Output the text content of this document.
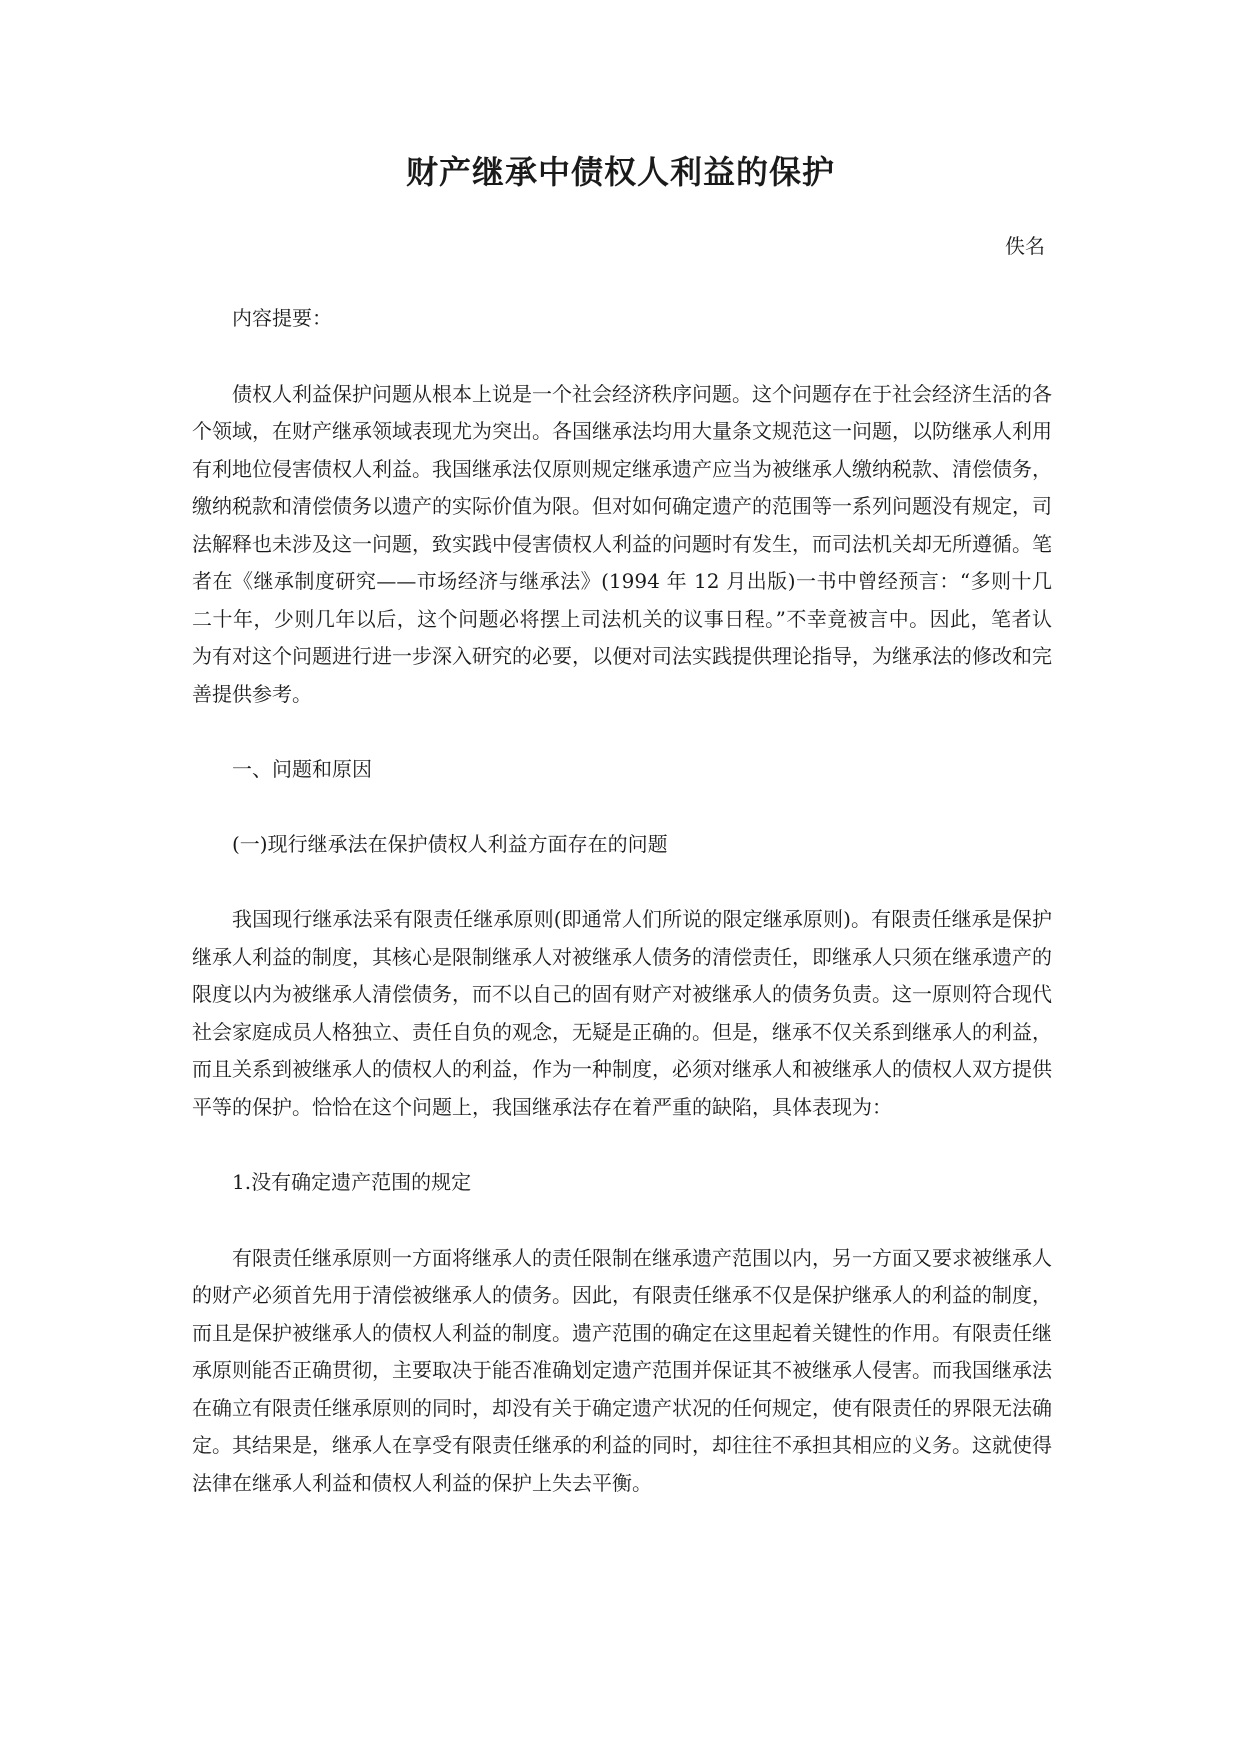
财产继承中债权人利益的保护
佚名

内容提要：

债权人利益保护问题从根本上说是一个社会经济秩序问题。这个问题存在于社会经济生活的各个领域，在财产继承领域表现尤为突出。各国继承法均用大量条文规范这一问题，以防继承人利用有利地位侵害债权人利益。我国继承法仅原则规定继承遗产应当为被继承人缴纳税款、清偿债务，缴纳税款和清偿债务以遗产的实际价值为限。但对如何确定遗产的范围等一系列问题没有规定，司法解释也未涉及这一问题，致实践中侵害债权人利益的问题时有发生，而司法机关却无所遵循。笔者在《继承制度研究——市场经济与继承法》(1994 年 12 月出版)一书中曾经预言：“多则十几二十年，少则几年以后，这个问题必将摆上司法机关的议事日程。”不幸竟被言中。因此，笔者认为有对这个问题进行进一步深入研究的必要，以便对司法实践提供理论指导，为继承法的修改和完善提供参考。

一、问题和原因

(一)现行继承法在保护债权人利益方面存在的问题

我国现行继承法采有限责任继承原则(即通常人们所说的限定继承原则)。有限责任继承是保护继承人利益的制度，其核心是限制继承人对被继承人债务的清偿责任，即继承人只须在继承遗产的限度以内为被继承人清偿债务，而不以自己的固有财产对被继承人的债务负责。这一原则符合现代社会家庭成员人格独立、责任自负的观念，无疑是正确的。但是，继承不仅关系到继承人的利益，而且关系到被继承人的债权人的利益，作为一种制度，必须对继承人和被继承人的债权人双方提供平等的保护。恰恰在这个问题上，我国继承法存在着严重的缺陷，具体表现为：

1.没有确定遗产范围的规定

有限责任继承原则一方面将继承人的责任限制在继承遗产范围以内，另一方面又要求被继承人的财产必须首先用于清偿被继承人的债务。因此，有限责任继承不仅是保护继承人的利益的制度，而且是保护被继承人的债权人利益的制度。遗产范围的确定在这里起着关键性的作用。有限责任继承原则能否正确贯彻，主要取决于能否准确划定遗产范围并保证其不被继承人侵害。而我国继承法在确立有限责任继承原则的同时，却没有关于确定遗产状况的任何规定，使有限责任的界限无法确定。其结果是，继承人在享受有限责任继承的利益的同时，却往往不承担其相应的义务。这就使得法律在继承人利益和债权人利益的保护上失去平衡。
